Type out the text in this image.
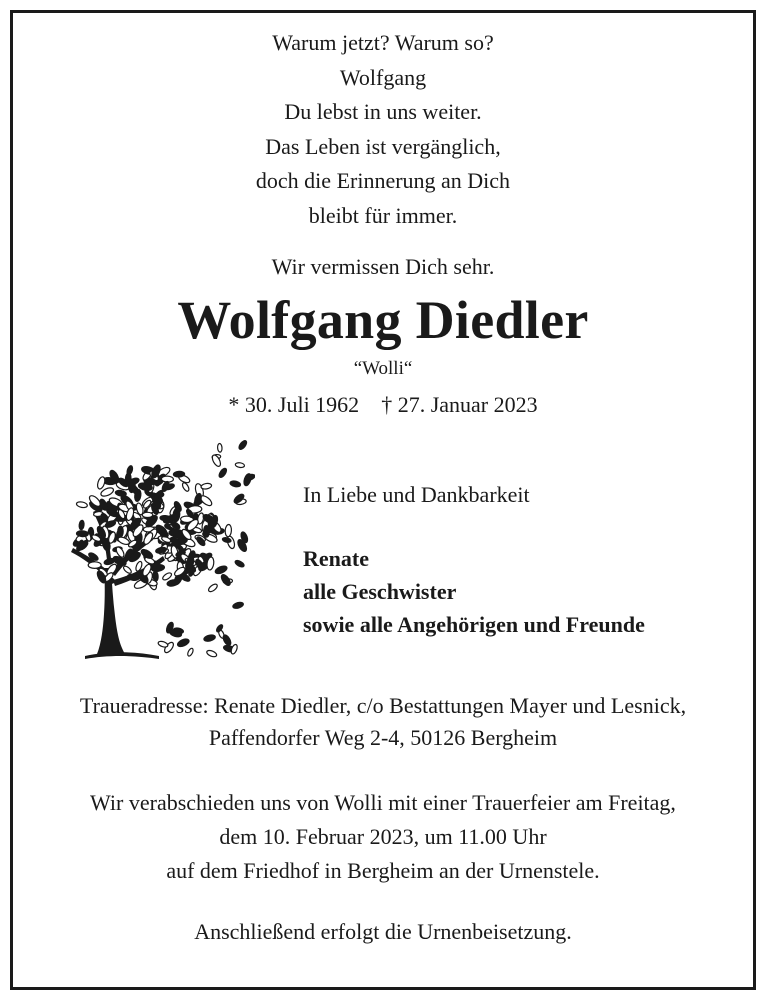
Warum jetzt? Warum so?
Wolfgang
Du lebst in uns weiter.
Das Leben ist vergänglich,
doch die Erinnerung an Dich
bleibt für immer.
Wir vermissen Dich sehr.
Wolfgang Diedler
“Wolli“
* 30. Juli 1962 † 27. Januar 2023
In Liebe und Dankbarkeit
Renate
alle Geschwister
sowie alle Angehörigen und Freunde
Traueradresse: Renate Diedler, c/o Bestattungen Mayer und Lesnick,
Paffendorfer Weg 2-4, 50126 Bergheim
Wir verabschieden uns von Wolli mit einer Trauerfeier am Freitag,
dem 10. Februar 2023, um 11.00 Uhr
auf dem Friedhof in Bergheim an der Urnenstele.
Anschließend erfolgt die Urnenbeisetzung.
